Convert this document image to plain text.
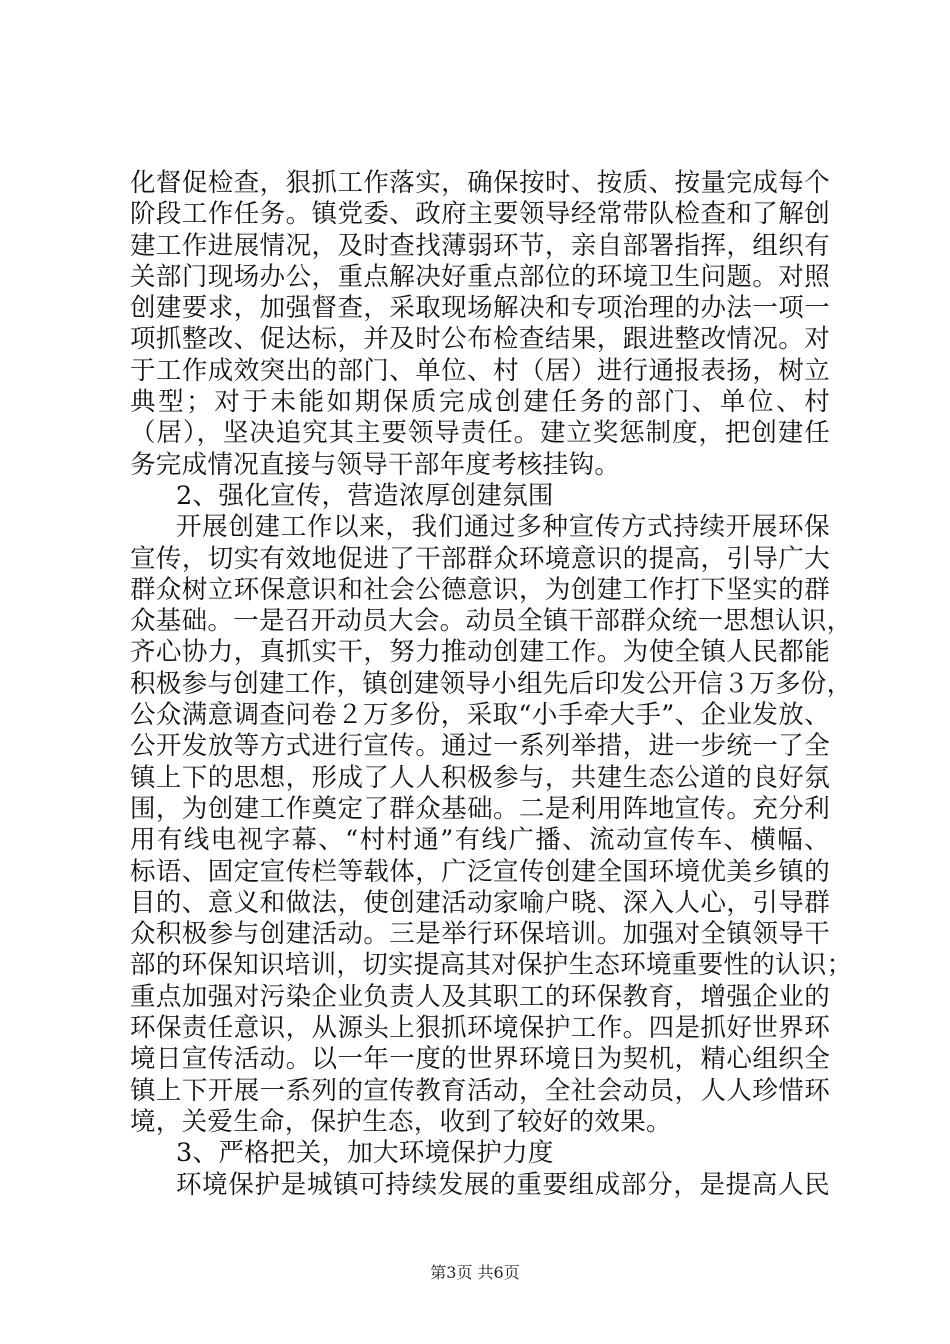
化督促检查，狠抓工作落实，确保按时、按质、按量完成每个
阶段工作任务。镇党委、政府主要领导经常带队检查和了解创
建工作进展情况，及时查找薄弱环节，亲自部署指挥，组织有
关部门现场办公，重点解决好重点部位的环境卫生问题。对照
创建要求，加强督查，采取现场解决和专项治理的办法一项一
项抓整改、促达标，并及时公布检查结果，跟进整改情况。对
于工作成效突出的部门、单位、村（居）进行通报表扬，树立
典型；对于未能如期保质完成创建任务的部门、单位、村
（居），坚决追究其主要领导责任。建立奖惩制度，把创建任
务完成情况直接与领导干部年度考核挂钩。
2、强化宣传，营造浓厚创建氛围
开展创建工作以来，我们通过多种宣传方式持续开展环保
宣传，切实有效地促进了干部群众环境意识的提高，引导广大
群众树立环保意识和社会公德意识，为创建工作打下坚实的群
众基础。一是召开动员大会。动员全镇干部群众统一思想认识，
齐心协力，真抓实干，努力推动创建工作。为使全镇人民都能
积极参与创建工作，镇创建领导小组先后印发公开信３万多份，
公众满意调查问卷２万多份，采取“小手牵大手”、企业发放、
公开发放等方式进行宣传。通过一系列举措，进一步统一了全
镇上下的思想，形成了人人积极参与，共建生态公道的良好氛
围，为创建工作奠定了群众基础。二是利用阵地宣传。充分利
用有线电视字幕、“村村通”有线广播、流动宣传车、横幅、
标语、固定宣传栏等载体，广泛宣传创建全国环境优美乡镇的
目的、意义和做法，使创建活动家喻户晓、深入人心，引导群
众积极参与创建活动。三是举行环保培训。加强对全镇领导干
部的环保知识培训，切实提高其对保护生态环境重要性的认识；
重点加强对污染企业负责人及其职工的环保教育，增强企业的
环保责任意识，从源头上狠抓环境保护工作。四是抓好世界环
境日宣传活动。以一年一度的世界环境日为契机，精心组织全
镇上下开展一系列的宣传教育活动，全社会动员，人人珍惜环
境，关爱生命，保护生态，收到了较好的效果。
3、严格把关，加大环境保护力度
环境保护是城镇可持续发展的重要组成部分，是提高人民
第3页 共6页
